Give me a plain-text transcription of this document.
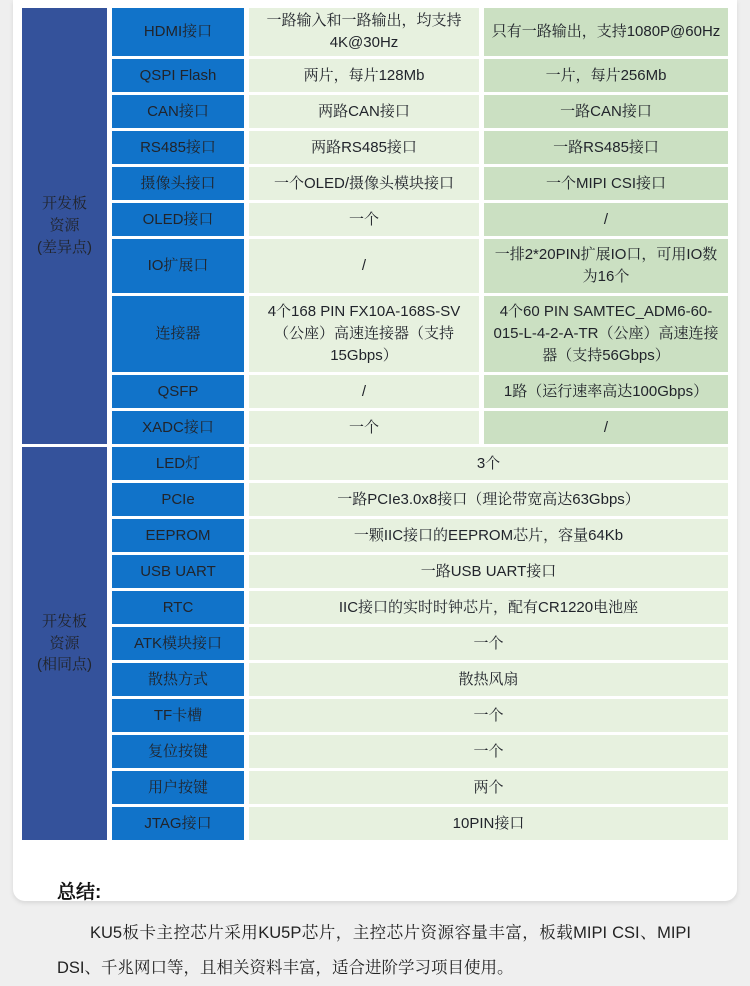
开发板
资源
(差异点)	HDMI接口	一路输入和一路输出，均支持4K@30Hz	只有一路输出，支持1080P@60Hz
	QSPI Flash	两片，每片128Mb	一片，每片256Mb
	CAN接口	两路CAN接口	一路CAN接口
	RS485接口	两路RS485接口	一路RS485接口
	摄像头接口	一个OLED/摄像头模块接口	一个MIPI CSI接口
	OLED接口	一个	/
	IO扩展口	/	一排2*20PIN扩展IO口，可用IO数为16个
	连接器	4个168 PIN FX10A-168S-SV（公座）高速连接器（支持15Gbps）	4个60 PIN SAMTEC_ADM6-60-015-L-4-2-A-TR（公座）高速连接器（支持56Gbps）
	QSFP	/	1路（运行速率高达100Gbps）
	XADC接口	一个	/

开发板
资源
(相同点)	LED灯	3个	
	PCIe	一路PCIe3.0x8接口（理论带宽高达63Gbps）	
	EEPROM	一颗IIC接口的EEPROM芯片，容量64Kb	
	USB UART	一路USB UART接口	
	RTC	IIC接口的实时时钟芯片，配有CR1220电池座	
	ATK模块接口	一个	
	散热方式	散热风扇	
	TF卡槽	一个	
	复位按键	一个	
	用户按键	两个	
	JTAG接口	10PIN接口	
总结:

KU5板卡主控芯片采用KU5P芯片，主控芯片资源容量丰富，板载MIPI CSI、MIPI DSI、千兆网口等，且相关资料丰富，适合进阶学习项目使用。
